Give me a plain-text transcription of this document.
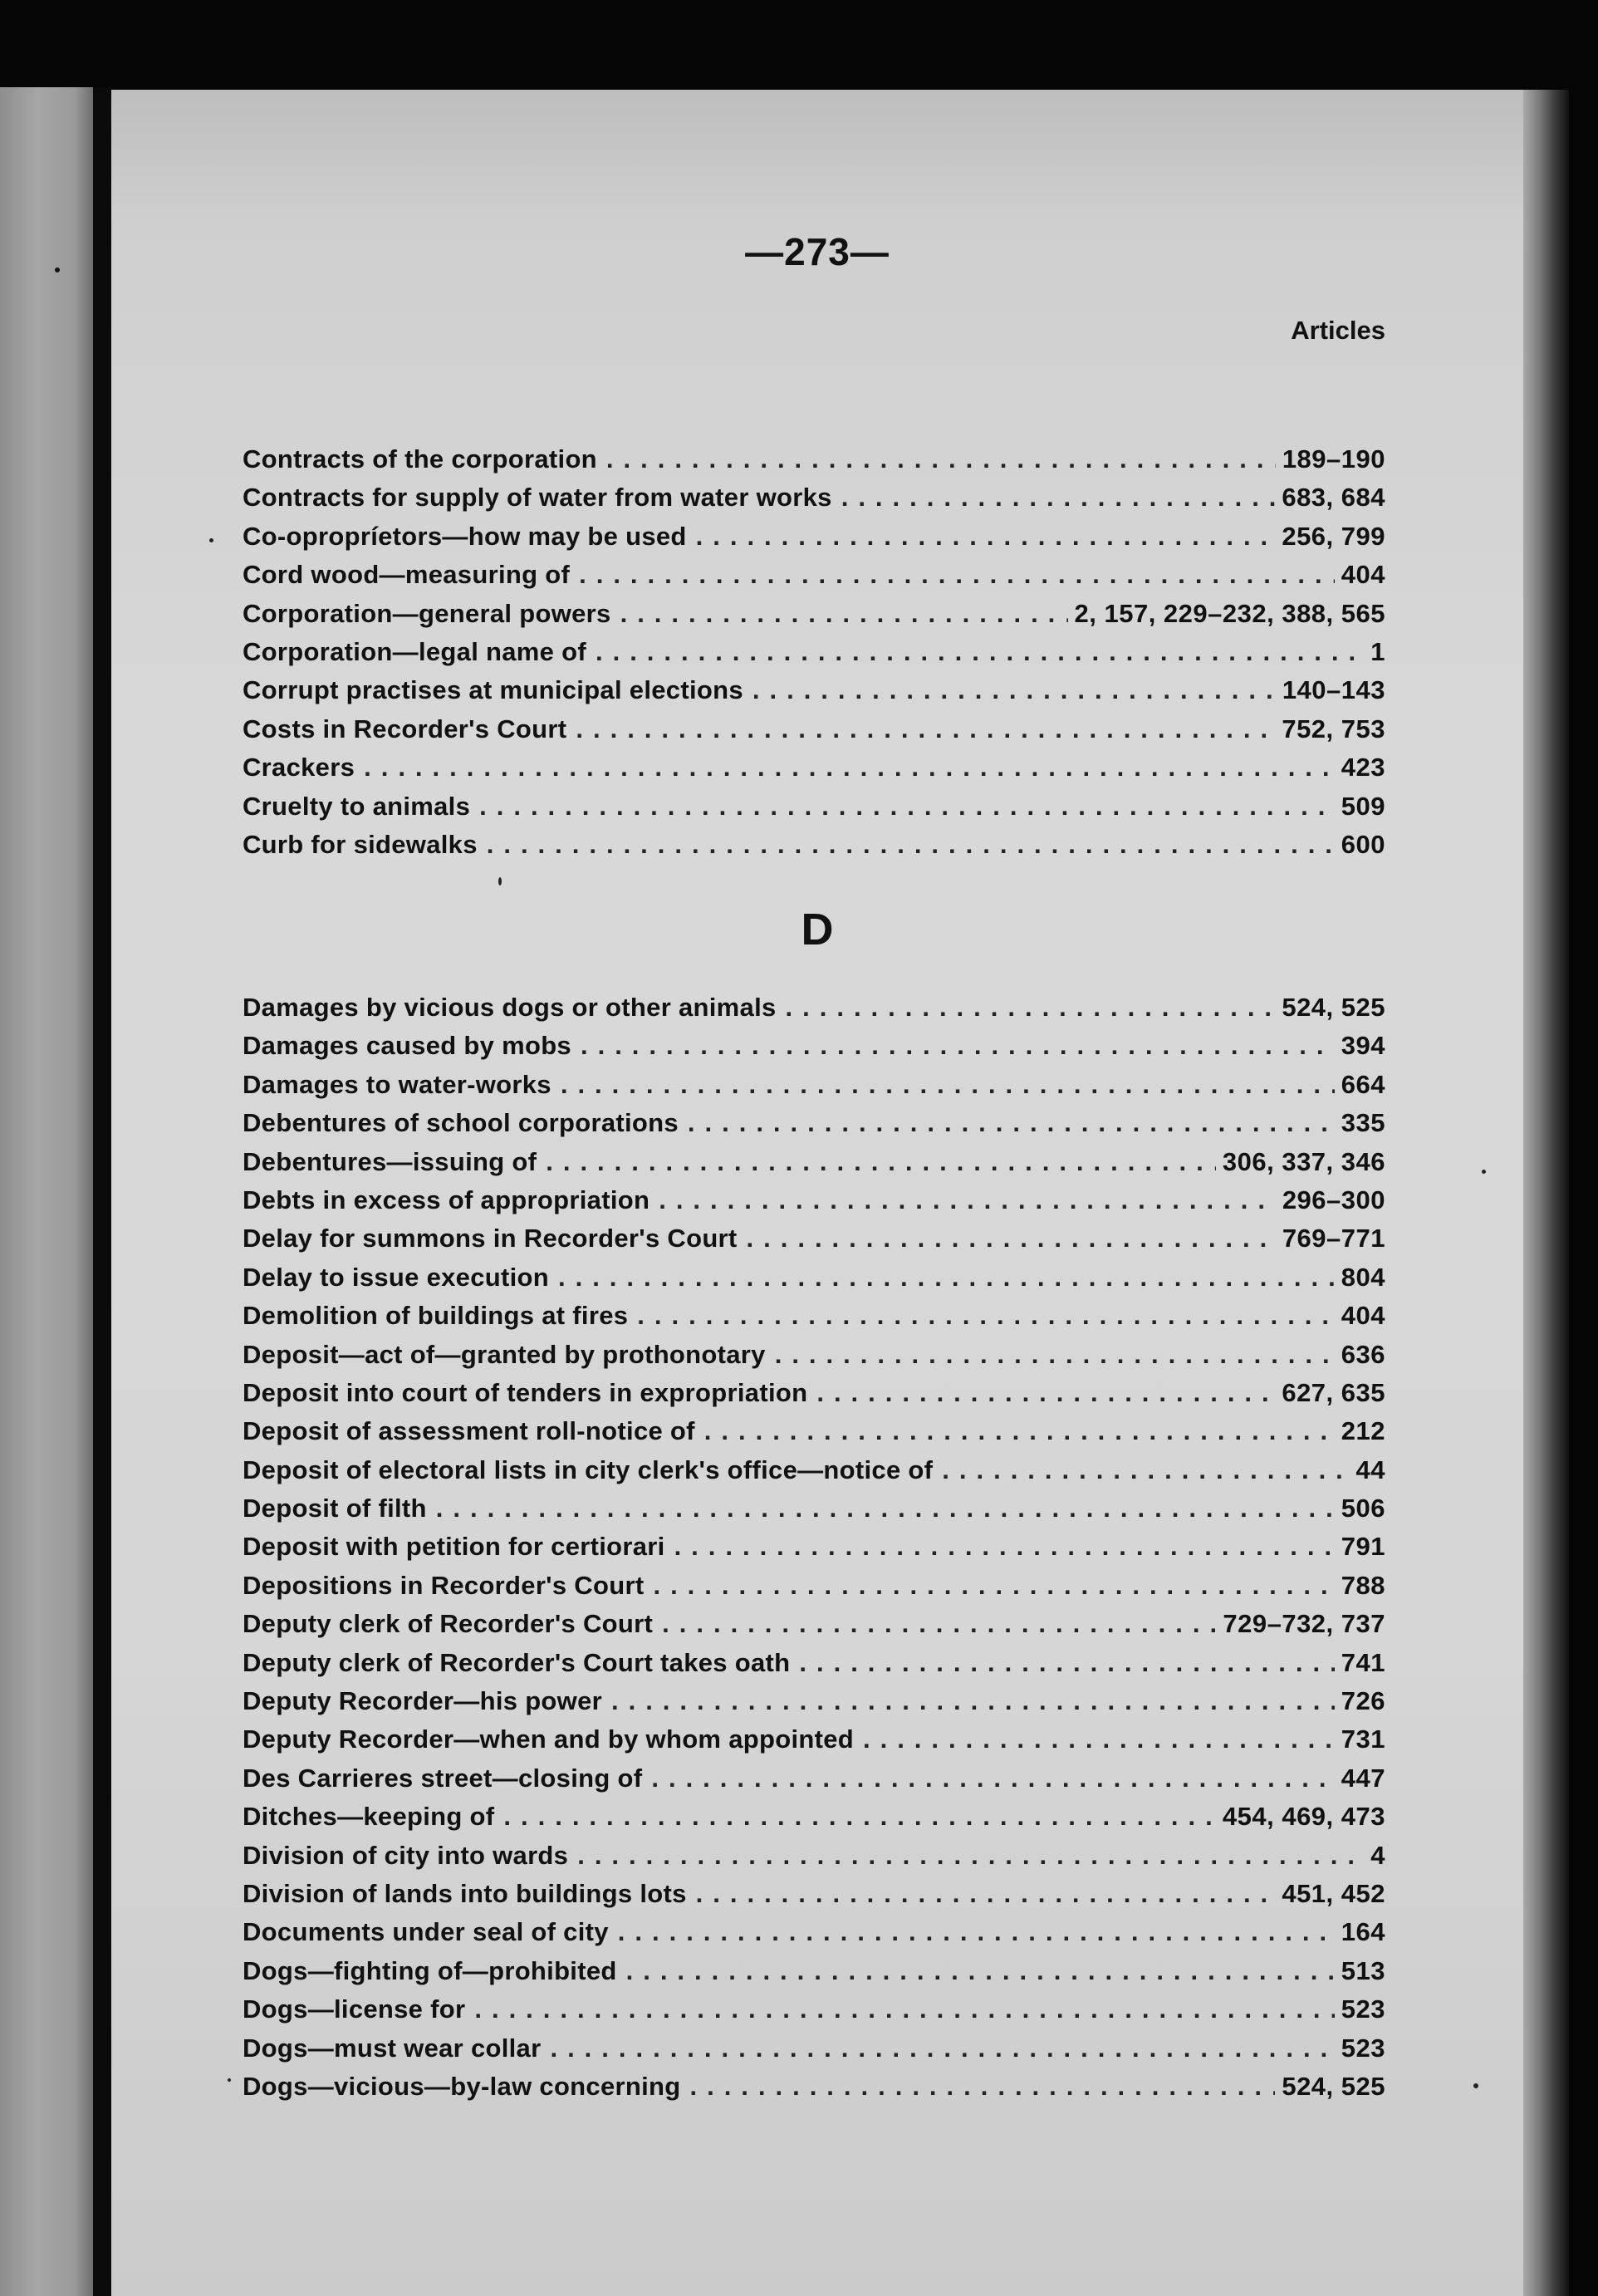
—273—
Articles
Contracts of the corporation .....	189–190
Contracts for supply of water from water works .....	683, 684
Co-opropríetors—how may be used .....	256, 799
Cord wood—measuring of .....	404
Corporation—general powers .....	2, 157, 229–232, 388, 565
Corporation—legal name of .....	1
Corrupt practises at municipal elections .....	140–143
Costs in Recorder's Court .....	752, 753
Crackers .....	423
Cruelty to animals .....	509
Curb for sidewalks .....	600
D
Damages by vicious dogs or other animals .....	524, 525
Damages caused by mobs .....	394
Damages to water-works .....	664
Debentures of school corporations .....	335
Debentures—issuing of .....	306, 337, 346
Debts in excess of appropriation .....	296–300
Delay for summons in Recorder's Court .....	769–771
Delay to issue execution .....	804
Demolition of buildings at fires .....	404
Deposit—act of—granted by prothonotary .....	636
Deposit into court of tenders in expropriation .....	627, 635
Deposit of assessment roll-notice of .....	212
Deposit of electoral lists in city clerk's office—notice of .....	44
Deposit of filth .....	506
Deposit with petition for certiorari .....	791
Depositions in Recorder's Court .....	788
Deputy clerk of Recorder's Court .....	729–732, 737
Deputy clerk of Recorder's Court takes oath .....	741
Deputy Recorder—his power .....	726
Deputy Recorder—when and by whom appointed .....	731
Des Carrieres street—closing of .....	447
Ditches—keeping of .....	454, 469, 473
Division of city into wards .....	4
Division of lands into buildings lots .....	451, 452
Documents under seal of city .....	164
Dogs—fighting of—prohibited .....	513
Dogs—license for .....	523
Dogs—must wear collar .....	523
Dogs—vicious—by-law concerning .....	524, 525
